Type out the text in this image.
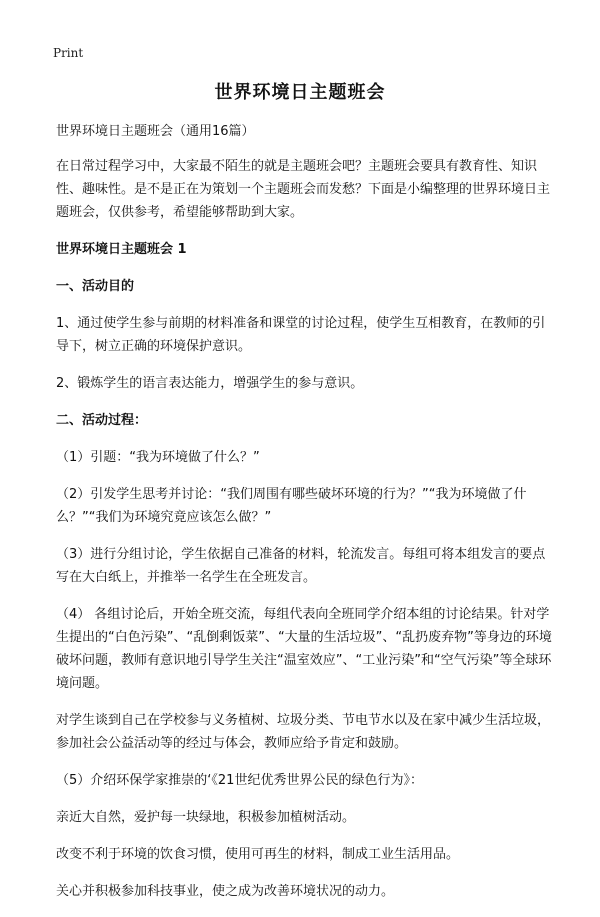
Print
世界环境日主题班会

世界环境日主题班会（通用16篇）

在日常过程学习中，大家最不陌生的就是主题班会吧？主题班会要具有教育性、知识性、趣味性。是不是正在为策划一个主题班会而发愁？下面是小编整理的世界环境日主题班会，仅供参考，希望能够帮助到大家。

世界环境日主题班会 1

一、活动目的

1、通过使学生参与前期的材料准备和课堂的讨论过程，使学生互相教育，在教师的引导下，树立正确的环境保护意识。

2、锻炼学生的语言表达能力，增强学生的参与意识。

二、活动过程：

（1）引题：“我为环境做了什么？”

（2）引发学生思考并讨论：“我们周围有哪些破坏环境的行为？”“我为环境做了什么？”“我们为环境究竟应该怎么做？”

（3）进行分组讨论，学生依据自己准备的材料，轮流发言。每组可将本组发言的要点写在大白纸上，并推举一名学生在全班发言。

（4） 各组讨论后，开始全班交流，每组代表向全班同学介绍本组的讨论结果。针对学生提出的“白色污染”、“乱倒剩饭菜”、“大量的生活垃圾”、“乱扔废弃物”等身边的环境破坏问题，教师有意识地引导学生关注“温室效应”、“工业污染”和“空气污染”等全球环境问题。

对学生谈到自己在学校参与义务植树、垃圾分类、节电节水以及在家中减少生活垃圾，参加社会公益活动等的经过与体会，教师应给予肯定和鼓励。

（5）介绍环保学家推崇的‘《21世纪优秀世界公民的绿色行为》：

亲近大自然，爱护每一块绿地，积极参加植树活动。

改变不利于环境的饮食习惯，使用可再生的材料，制成工业生活用品。

关心并积极参加科技事业，使之成为改善环境状况的动力。
